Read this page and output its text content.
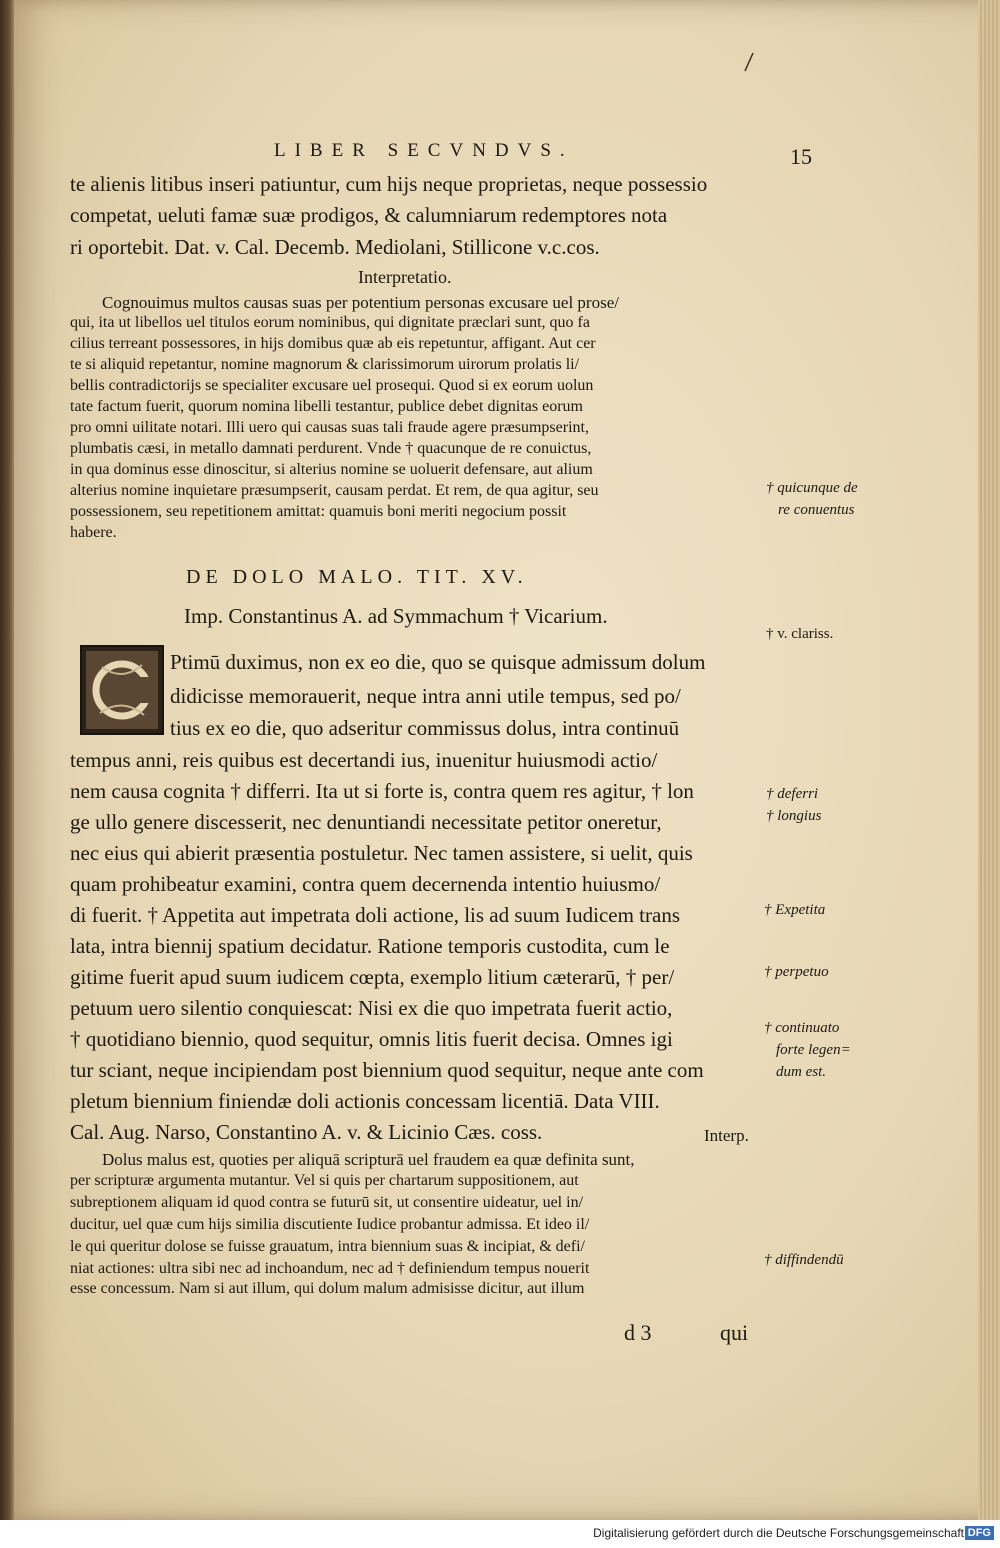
LIBER SECVNDVS.	15
te alienis litibus inseri patiuntur, cum hijs neque proprietas, neque possessio
competat, ueluti famæ suæ prodigos, & calumniarum redemptores nota
ri oportebit. Dat. v. Cal. Decemb. Mediolani, Stillicone v.c.cos.
Interpretatio.
Cognouimus multos causas suas per potentium personas excusare uel prose/
qui, ita ut libellos uel titulos eorum nominibus, qui dignitate præclari sunt, quo fa
cilius terreant possessores, in hijs domibus quæ ab eis repetuntur, affigant. Aut cer
te si aliquid repetantur, nomine magnorum & clarissimorum uirorum prolatis li/
bellis contradictorijs se specialiter excusare uel prosequi. Quod si ex eorum uolun
tate factum fuerit, quorum nomina libelli testantur, publice debet dignitas eorum
pro omni uilitate notari. Illi uero qui causas suas tali fraude agere præsumpserint,
plumbatis cæsi, in metallo damnati perdurent. Vnde † quacunque de re conuictus,
in qua dominus esse dinoscitur, si alterius nomine se uoluerit defensare, aut alium
alterius nomine inquietare præsumpserit, causam perdat. Et rem, de qua agitur, seu
possessionem, seu repetitionem amittat: quamuis boni meriti negocium possit
habere.
DE DOLO MALO. TIT. XV.
Imp. Constantinus A. ad Symmachum † Vicarium.
Ptimū duximus, non ex eo die, quo se quisque admissum dolum
didicisse memorauerit, neque intra anni utile tempus, sed po/
tius ex eo die, quo adseritur commissus dolus, intra continuū
tempus anni, reis quibus est decertandi ius, inuenitur huiusmodi actio/
nem causa cognita † differri. Ita ut si forte is, contra quem res agitur, † lon
ge ullo genere discesserit, nec denuntiandi necessitate petitor oneretur,
nec eius qui abierit præsentia postuletur. Nec tamen assistere, si uelit, quis
quam prohibeatur examini, contra quem decernenda intentio huiusmo/
di fuerit. † Appetita aut impetrata doli actione, lis ad suum Iudicem trans
lata, intra biennij spatium decidatur. Ratione temporis custodita, cum le
gitime fuerit apud suum iudicem cœpta, exemplo litium cæterarū, † per/
petuum uero silentio conquiescat: Nisi ex die quo impetrata fuerit actio,
† quotidiano biennio, quod sequitur, omnis litis fuerit decisa. Omnes igi
tur sciant, neque incipiendam post biennium quod sequitur, neque ante com
pletum biennium finiendæ doli actionis concessam licentiā. Data VIII.
Cal. Aug. Narso, Constantino A. v. & Licinio Cæs. coss.	Interp.
Dolus malus est, quoties per aliquā scripturā uel fraudem ea quæ definita sunt,
per scripturæ argumenta mutantur. Vel si quis per chartarum suppositionem, aut
subreptionem aliquam id quod contra se futurū sit, ut consentire uideatur, uel in/
ducitur, uel quæ cum hijs similia discutiente Iudice probantur admissa. Et ideo il/
le qui queritur dolose se fuisse grauatum, intra biennium suas & incipiat, & defi/
niat actiones: ultra sibi nec ad inchoandum, nec ad † definiendum tempus nouerit
esse concessum. Nam si aut illum, qui dolum malum admisisse dicitur, aut illum
d 3	qui
† quicunque de
re conuentus
† v. clariss.
† deferri
† longius
† Expetita
† perpetuo
† continuato
forte legen=
dum est.
† diffindendū
Digitalisierung gefördert durch die Deutsche Forschungsgemeinschaft DFG
